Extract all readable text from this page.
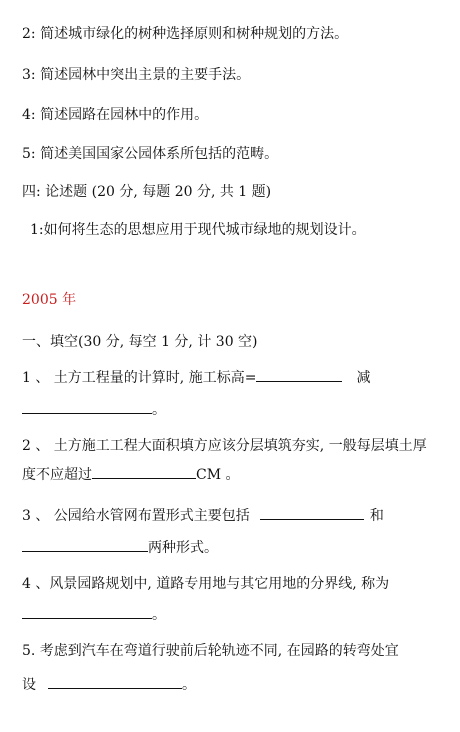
2: 简述城市绿化的树种选择原则和树种规划的方法。
3: 简述园林中突出主景的主要手法。
4: 简述园路在园林中的作用。
5: 简述美国国家公园体系所包括的范畴。
四: 论述题 (20 分, 每题 20 分, 共 1 题)
1:如何将生态的思想应用于现代城市绿地的规划设计。
2005 年
一、填空(30 分, 每空 1 分, 计 30 空)
1 、 土方工程量的计算时, 施工标高=	减
。
2 、 土方施工工程大面积填方应该分层填筑夯实, 一般每层填土厚
度不应超过	CM 。
3 、 公园给水管网布置形式主要包括	和
两种形式。
4 、风景园路规划中, 道路专用地与其它用地的分界线, 称为
。
5. 考虑到汽车在弯道行驶前后轮轨迹不同, 在园路的转弯处宜
设	。
